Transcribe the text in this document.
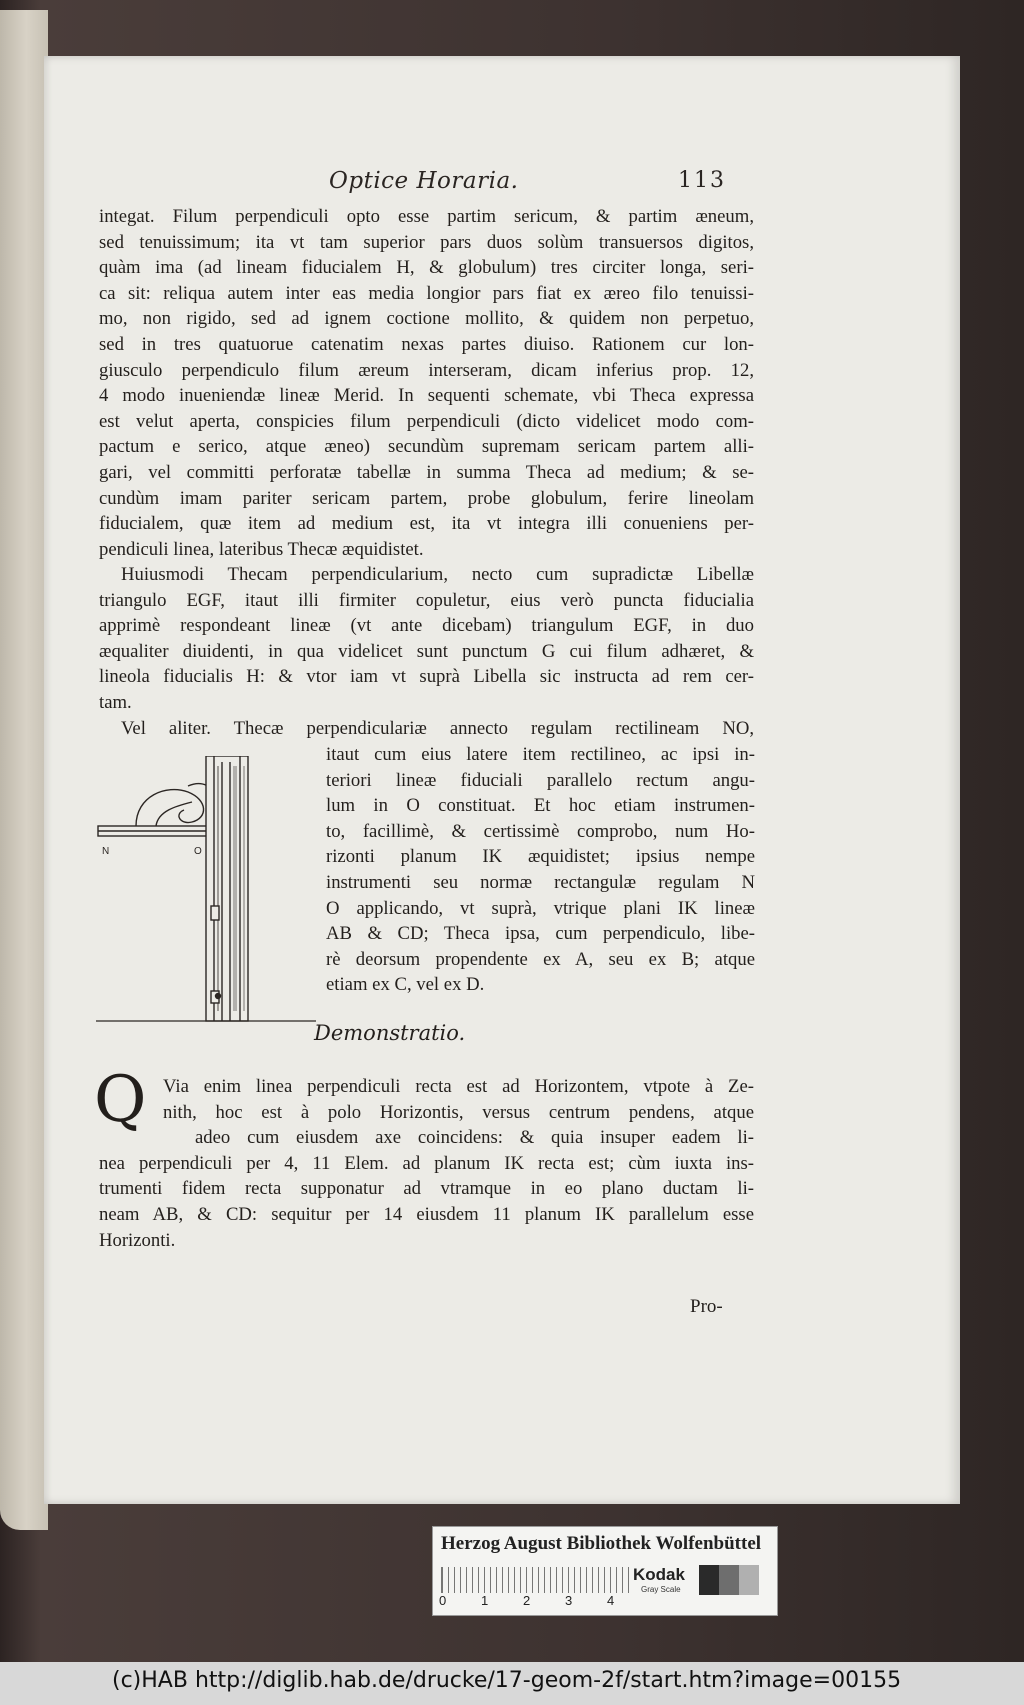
Optice Horaria.	113

integat. Filum perpendiculi opto esse partim sericum, & partim æneum,

sed tenuissimum; ita vt tam superior pars duos solùm transuersos digitos,

quàm ima (ad lineam fiducialem H, & globulum) tres circiter longa, seri-

ca sit: reliqua autem inter eas media longior pars fiat ex æreo filo tenuissi-

mo, non rigido, sed ad ignem coctione mollito, & quidem non perpetuo,

sed in tres quatuorue catenatim nexas partes diuiso. Rationem cur lon-

giusculo perpendiculo filum æreum interseram, dicam inferius prop. 12,

4 modo inueniendæ lineæ Merid. In sequenti schemate, vbi Theca expressa

est velut aperta, conspicies filum perpendiculi (dicto videlicet modo com-

pactum e serico, atque æneo) secundùm supremam sericam partem alli-

gari, vel committi perforatæ tabellæ in summa Theca ad medium; & se-

cundùm imam pariter sericam partem, probe globulum, ferire lineolam

fiducialem, quæ item ad medium est, ita vt integra illi conueniens per-

pendiculi linea, lateribus Thecæ æquidistet.

Huiusmodi Thecam perpendicularium, necto cum supradictæ Libellæ

triangulo EGF, itaut illi firmiter copuletur, eius verò puncta fiducialia

apprimè respondeant lineæ (vt ante dicebam) triangulum EGF, in duo

æqualiter diuidenti, in qua videlicet sunt punctum G cui filum adhæret, &

lineola fiducialis H: & vtor iam vt suprà Libella sic instructa ad rem cer-

tam.

Vel aliter. Thecæ perpendiculariæ annecto regulam rectilineam NO,

itaut cum eius latere item rectilineo, ac ipsi in-

teriori lineæ fiduciali parallelo rectum angu-

lum in O constituat. Et hoc etiam instrumen-

to, facillimè, & certissimè comprobo, num Ho-

rizonti planum IK æquidistet; ipsius nempe

instrumenti seu normæ rectangulæ regulam N

O applicando, vt suprà, vtrique plani IK lineæ

AB & CD; Theca ipsa, cum perpendiculo, libe-

rè deorsum propendente ex A, seu ex B; atque

etiam ex C, vel ex D.

N	O
Demonstratio.
Q Via enim linea perpendiculi recta est ad Horizontem, vtpote à Ze-

nith, hoc est à polo Horizontis, versus centrum pendens, atque

adeo cum eiusdem axe coincidens: & quia insuper eadem li-

nea perpendiculi per 4, 11 Elem. ad planum IK recta est; cùm iuxta ins-

trumenti fidem recta supponatur ad vtramque in eo plano ductam li-

neam AB, & CD: sequitur per 14 eiusdem 11 planum IK parallelum esse

Horizonti.

Pro-
Herzog August Bibliothek Wolfenbüttel
0	1	2	3	4
Kodak
Gray Scale
(c)HAB http://diglib.hab.de/drucke/17-geom-2f/start.htm?image=00155
